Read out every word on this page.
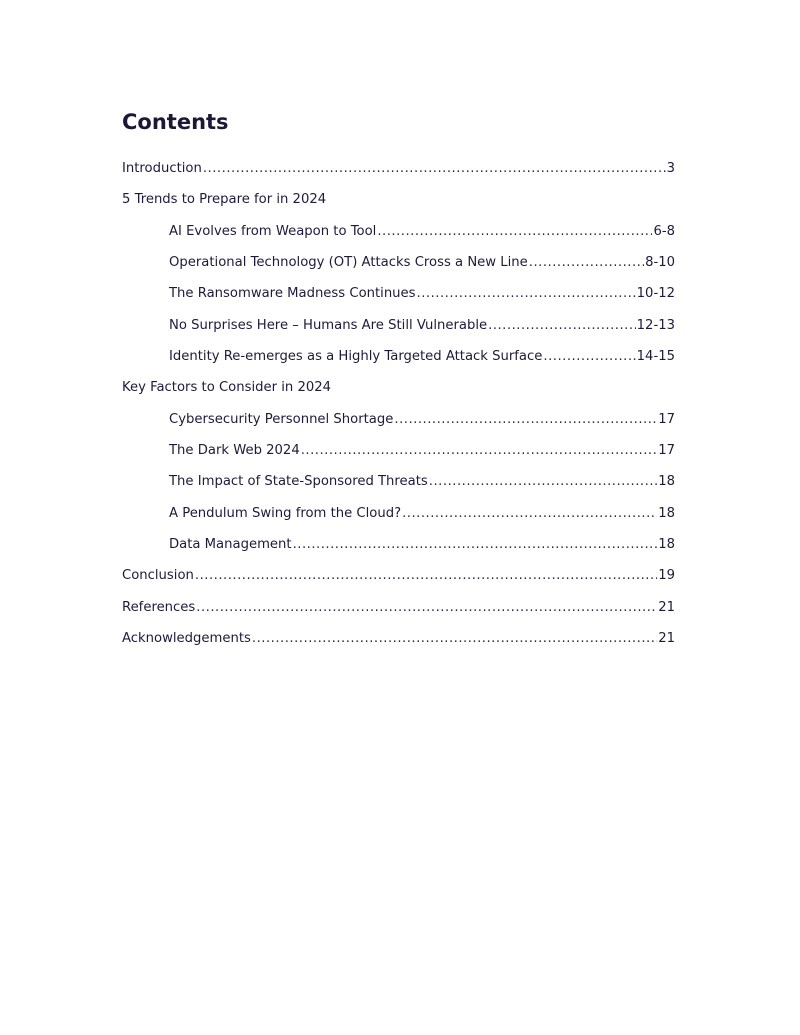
Contents
Introduction .....	3
5 Trends to Prepare for in 2024
AI Evolves from Weapon to Tool .....	6-8
Operational Technology (OT) Attacks Cross a New Line .....	8-10
The Ransomware Madness Continues .....	10-12
No Surprises Here – Humans Are Still Vulnerable .....	12-13
Identity Re-emerges as a Highly Targeted Attack Surface .....	14-15
Key Factors to Consider in 2024
Cybersecurity Personnel Shortage .....	17
The Dark Web 2024 .....	17
The Impact of State-Sponsored Threats .....	18
A Pendulum Swing from the Cloud? .....	18
Data Management .....	18
Conclusion .....	19
References .....	21
Acknowledgements .....	21
